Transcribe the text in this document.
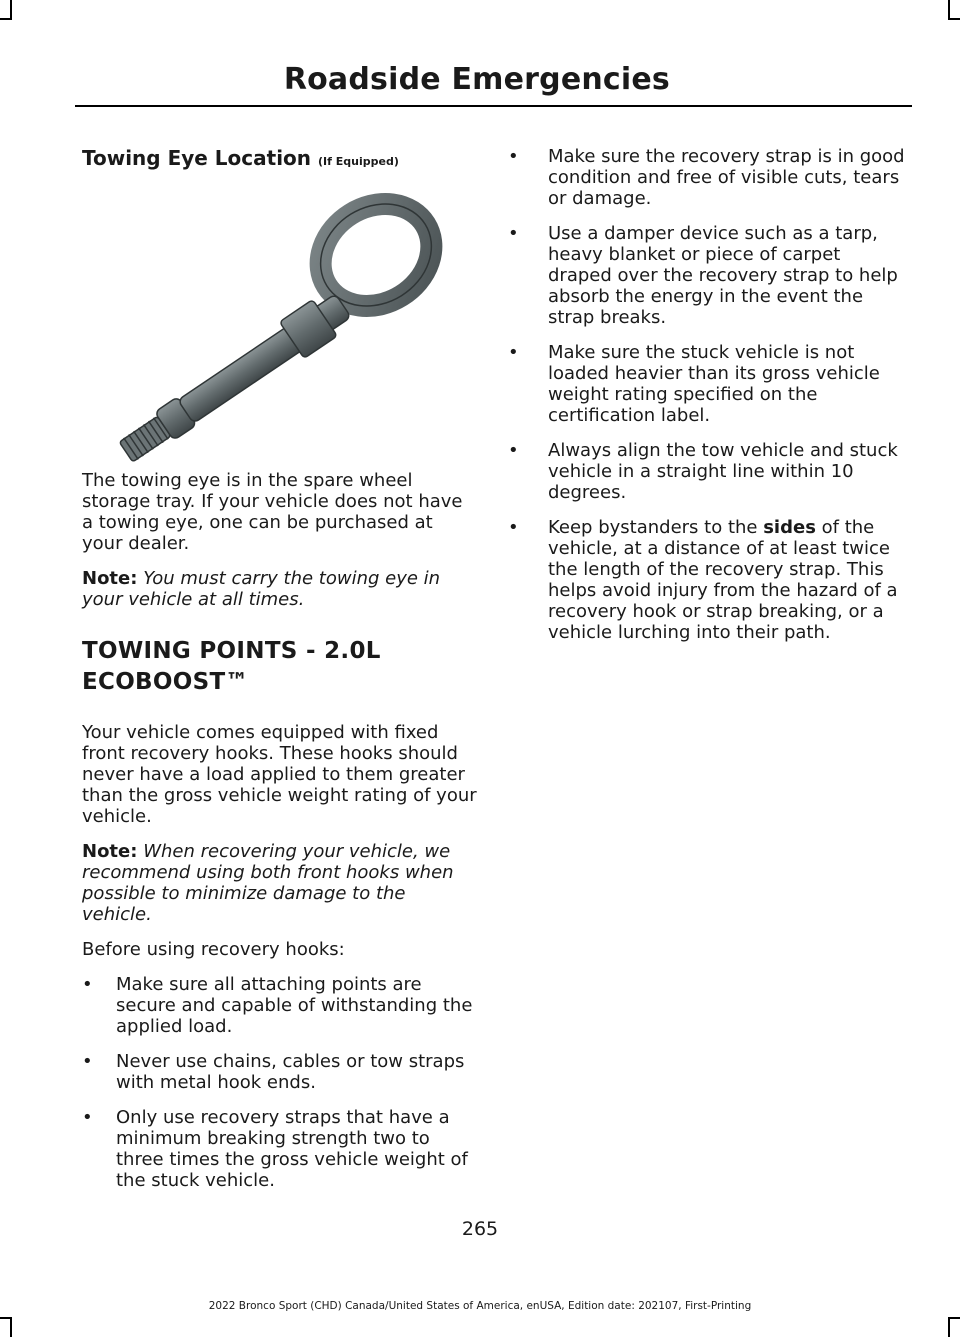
Roadside Emergencies
Towing Eye Location (If Equipped)
E300165

The towing eye is in the spare wheel storage tray. If your vehicle does not have a towing eye, one can be purchased at your dealer.

Note: You must carry the towing eye in your vehicle at all times.

TOWING POINTS - 2.0L
ECOBOOST™

Your vehicle comes equipped with fixed front recovery hooks. These hooks should never have a load applied to them greater than the gross vehicle weight rating of your vehicle.

Note: When recovering your vehicle, we recommend using both front hooks when possible to minimize damage to the vehicle.

Before using recovery hooks:

• Make sure all attaching points are secure and capable of withstanding the applied load.
• Never use chains, cables or tow straps with metal hook ends.
• Only use recovery straps that have a minimum breaking strength two to three times the gross vehicle weight of the stuck vehicle.
• Make sure the recovery strap is in good condition and free of visible cuts, tears or damage.
• Use a damper device such as a tarp, heavy blanket or piece of carpet draped over the recovery strap to help absorb the energy in the event the strap breaks.
• Make sure the stuck vehicle is not loaded heavier than its gross vehicle weight rating specified on the certification label.
• Always align the tow vehicle and stuck vehicle in a straight line within 10 degrees.
• Keep bystanders to the sides of the vehicle, at a distance of at least twice the length of the recovery strap. This helps avoid injury from the hazard of a recovery hook or strap breaking, or a vehicle lurching into their path.
265
2022 Bronco Sport (CHD) Canada/United States of America, enUSA, Edition date: 202107, First-Printing
